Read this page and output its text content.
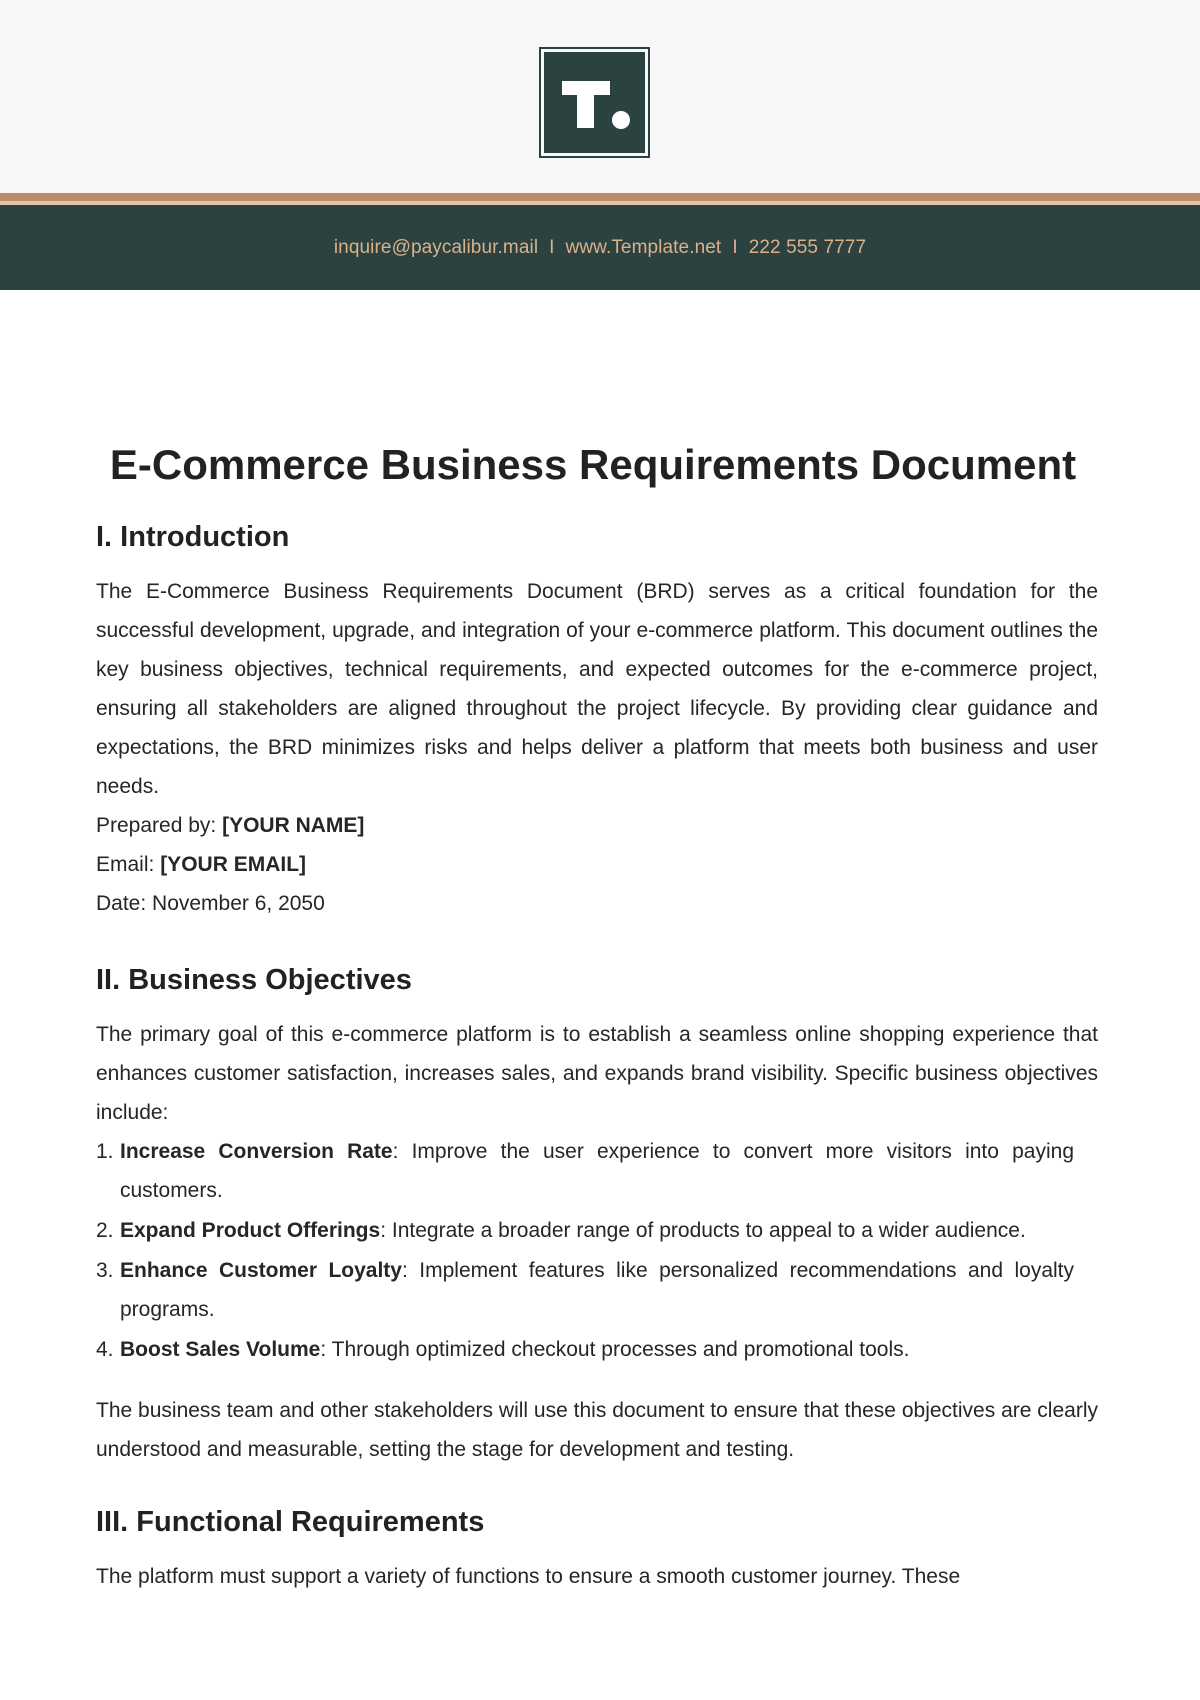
inquire@paycalibur.mail I www.Template.net I 222 555 7777
E-Commerce Business Requirements Document
I. Introduction

The E-Commerce Business Requirements Document (BRD) serves as a critical foundation for the successful development, upgrade, and integration of your e-commerce platform. This document outlines the key business objectives, technical requirements, and expected outcomes for the e-commerce project, ensuring all stakeholders are aligned throughout the project lifecycle. By providing clear guidance and expectations, the BRD minimizes risks and helps deliver a platform that meets both business and user needs.

Prepared by: [YOUR NAME]
Email: [YOUR EMAIL]
Date: November 6, 2050
II. Business Objectives

The primary goal of this e-commerce platform is to establish a seamless online shopping experience that enhances customer satisfaction, increases sales, and expands brand visibility. Specific business objectives include:

1. Increase Conversion Rate: Improve the user experience to convert more visitors into paying customers.
2. Expand Product Offerings: Integrate a broader range of products to appeal to a wider audience.
3. Enhance Customer Loyalty: Implement features like personalized recommendations and loyalty programs.
4. Boost Sales Volume: Through optimized checkout processes and promotional tools.

The business team and other stakeholders will use this document to ensure that these objectives are clearly understood and measurable, setting the stage for development and testing.

III. Functional Requirements

The platform must support a variety of functions to ensure a smooth customer journey. These
